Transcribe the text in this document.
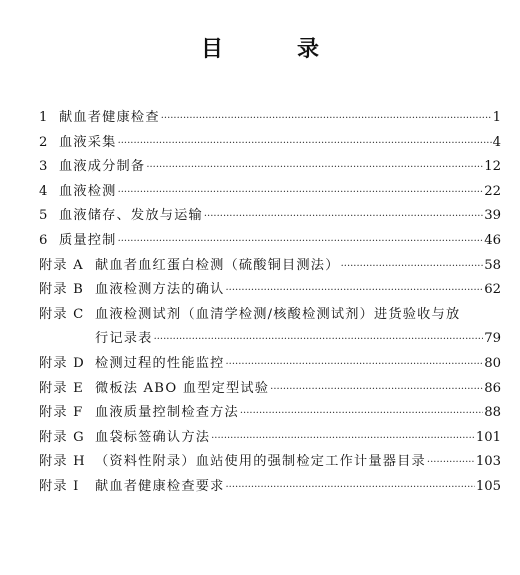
目　录
1 献血者健康检查 ·····	1
2 血液采集 ·····	4
3 血液成分制备 ·····	12
4 血液检测 ·····	22
5 血液储存、发放与运输 ·····	39
6 质量控制 ·····	46
附录 A 献血者血红蛋白检测（硫酸铜目测法） ·····	58
附录 B 血液检测方法的确认 ·····	62
附录 C 血液检测试剂（血清学检测/核酸检测试剂）进货验收与放
行记录表 ·····	79
附录 D 检测过程的性能监控 ·····	80
附录 E 微板法 ABO 血型定型试验 ·····	86
附录 F 血液质量控制检查方法 ·····	88
附录 G 血袋标签确认方法 ·····	101
附录 H （资料性附录）血站使用的强制检定工作计量器目录 ·····	103
附录 I	献血者健康检查要求 ·····	105
